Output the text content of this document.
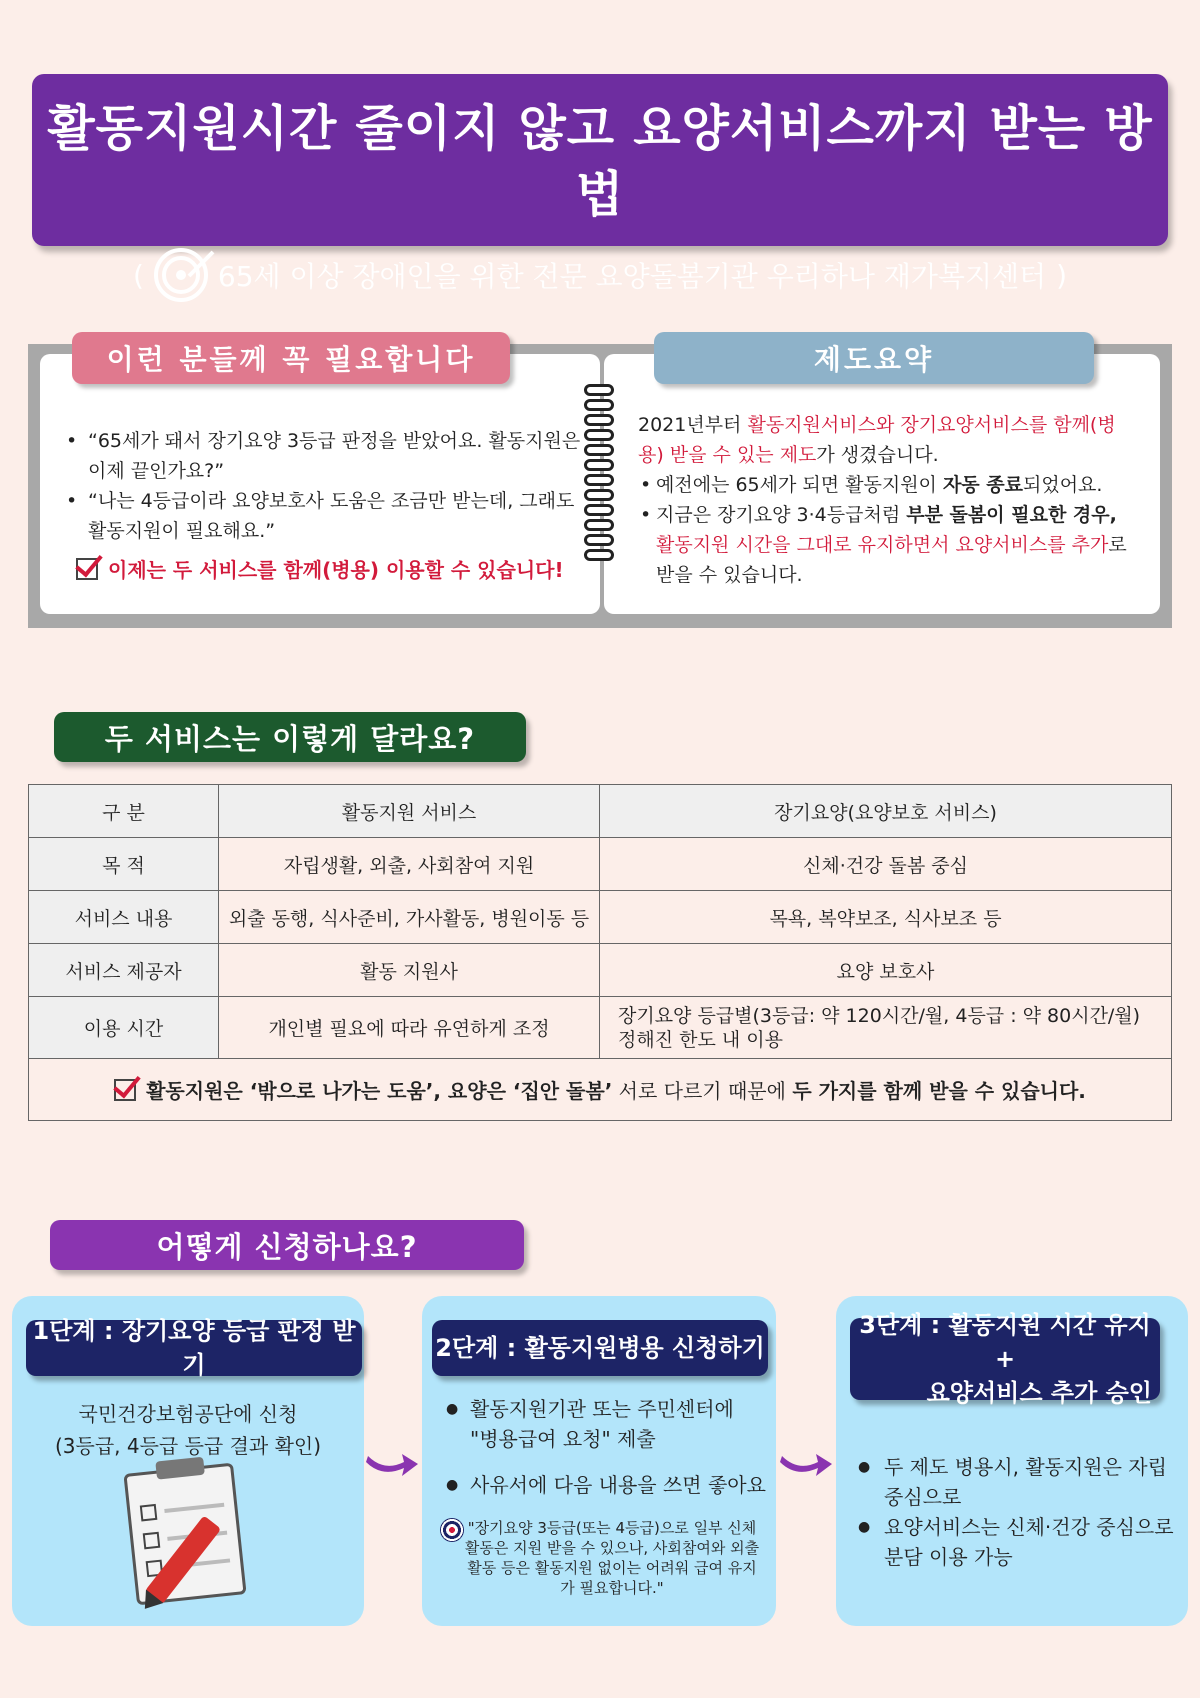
활동지원시간 줄이지 않고 요양서비스까지 받는 방법
(	65세 이상 장애인을 위한 전문 요양돌봄기관 우리하나 재가복지센터 )
• “65세가 돼서 장기요양 3등급 판정을 받았어요. 활동지원은 이제 끝인가요?”
• “나는 4등급이라 요양보호사 도움은 조금만 받는데, 그래도 활동지원이 필요해요.”
이제는 두 서비스를 함께(병용) 이용할 수 있습니다!

2021년부터 활동지원서비스와 장기요양서비스를 함께(병용) 받을 수 있는 제도가 생겼습니다.

• 예전에는 65세가 되면 활동지원이 자동 종료되었어요.
• 지금은 장기요양 3·4등급처럼 부분 돌봄이 필요한 경우,
활동지원 시간을 그대로 유지하면서 요양서비스를 추가로 받을 수 있습니다.
이런 분들께 꼭 필요합니다	제도요약
두 서비스는 이렇게 달라요?
구 분	활동지원 서비스	장기요양(요양보호 서비스)
목 적	자립생활, 외출, 사회참여 지원	신체·건강 돌봄 중심
서비스 내용	외출 동행, 식사준비, 가사활동, 병원이동 등	목욕, 복약보조, 식사보조 등
서비스 제공자	활동 지원사	요양 보호사
이용 시간	개인별 필요에 따라 유연하게 조정	장기요양 등급별(3등급: 약 120시간/월, 4등급 : 약 80시간/월)
정해진 한도 내 이용

활동지원은 ‘밖으로 나가는 도움’, 요양은 ‘집안 돌봄’ 서로 다르기 때문에 두 가지를 함께 받을 수 있습니다.		
어떻게 신청하나요?
1단계 : 장기요양 등급 판정 받기
국민건강보험공단에 신청
(3등급, 4등급 등급 결과 확인)
2단계 : 활동지원병용 신청하기
● 활동지원기관 또는 주민센터에 "병용급여 요청" 제출
● 사유서에 다음 내용을 쓰면 좋아요
"장기요양 3등급(또는 4등급)으로 일부 신체활동은 지원 받을 수 있으나, 사회참여와 외출활동 등은 활동지원 없이는 어려워 급여 유지가 필요합니다."
3단계 : 활동지원 시간 유지 +
요양서비스 추가 승인
● 두 제도 병용시, 활동지원은 자립 중심으로
● 요양서비스는 신체·건강 중심으로 분담 이용 가능
